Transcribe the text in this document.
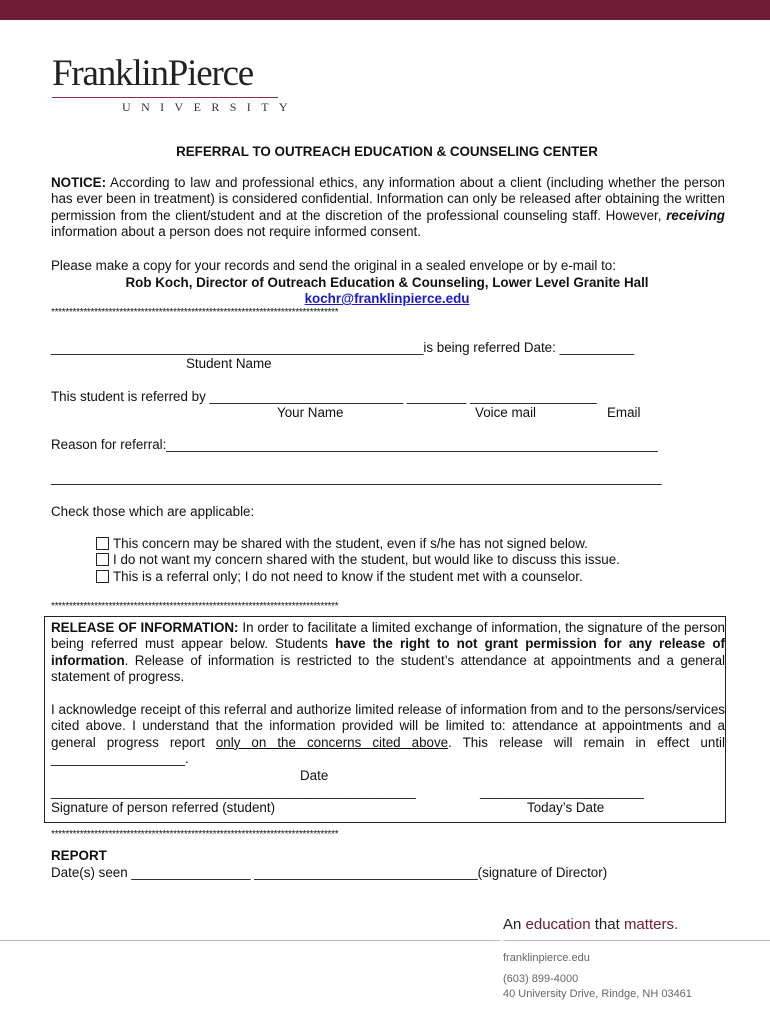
FranklinPierce
UNIVERSITY
REFERRAL TO OUTREACH EDUCATION & COUNSELING CENTER
NOTICE: According to law and professional ethics, any information about a client (including whether the person has ever been in treatment) is considered confidential. Information can only be released after obtaining the written permission from the client/student and at the discretion of the professional counseling staff. However, receiving information about a person does not require informed consent.
Please make a copy for your records and send the original in a sealed envelope or by e-mail to:
Rob Koch, Director of Outreach Education & Counseling, Lower Level Granite Hall
kochr@franklinpierce.edu
********************************************************************************
__________________________________________________is being referred Date: __________
Student Name
This student is referred by __________________________ ________ _________________
Your Name	Voice mail	Email
Reason for referral:__________________________________________________________________
__________________________________________________________________________________
Check those which are applicable:
This concern may be shared with the student, even if s/he has not signed below.
I do not want my concern shared with the student, but would like to discuss this issue.
This is a referral only; I do not need to know if the student met with a counselor.
********************************************************************************
RELEASE OF INFORMATION: In order to facilitate a limited exchange of information, the signature of the person being referred must appear below. Students have the right to not grant permission for any release of information. Release of information is restricted to the student’s attendance at appointments and a general statement of progress.
I acknowledge receipt of this referral and authorize limited release of information from and to the persons/services cited above. I understand that the information provided will be limited to: attendance at appointments and a general progress report only on the concerns cited above. This release will remain in effect until __________________.
Date
_________________________________________________	______________________
Signature of person referred (student)	Today’s Date
********************************************************************************
REPORT
Date(s) seen ________________ ______________________________(signature of Director)
An education that matters.
franklinpierce.edu
(603) 899-4000
40 University Drive, Rindge, NH 03461
